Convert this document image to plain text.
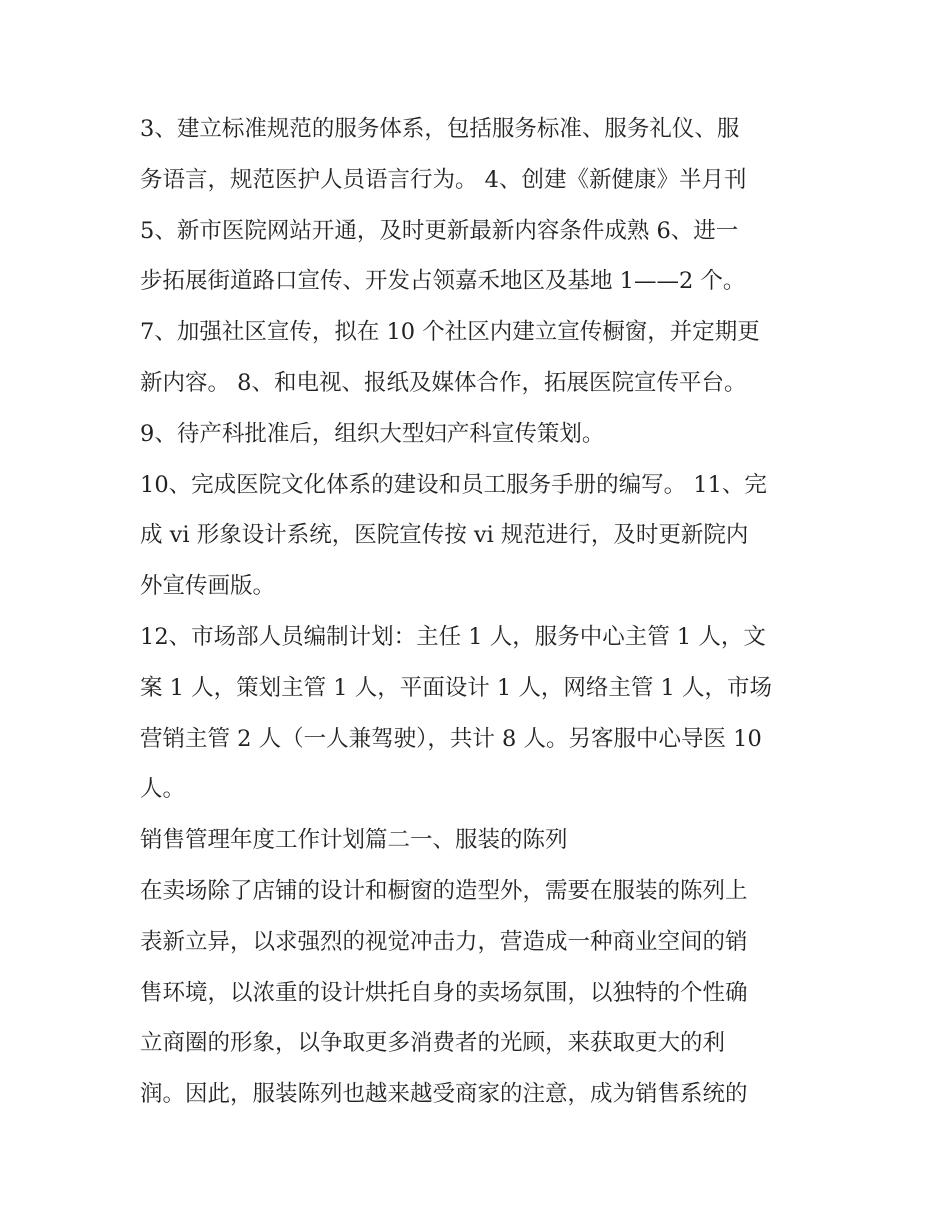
3、建立标准规范的服务体系，包括服务标准、服务礼仪、服
务语言，规范医护人员语言行为。 4、创建《新健康》半月刊
5、新市医院网站开通，及时更新最新内容条件成熟 6、进一
步拓展街道路口宣传、开发占领嘉禾地区及基地 1——2 个。
7、加强社区宣传，拟在 10 个社区内建立宣传橱窗，并定期更
新内容。 8、和电视、报纸及媒体合作，拓展医院宣传平台。
9、待产科批准后，组织大型妇产科宣传策划。
10、完成医院文化体系的建设和员工服务手册的编写。 11、完
成 vi 形象设计系统，医院宣传按 vi 规范进行，及时更新院内
外宣传画版。
12、市场部人员编制计划：主任 1 人，服务中心主管 1 人，文
案 1 人，策划主管 1 人，平面设计 1 人，网络主管 1 人，市场
营销主管 2 人（一人兼驾驶），共计 8 人。另客服中心导医 10
人。
销售管理年度工作计划篇二一、服装的陈列
在卖场除了店铺的设计和橱窗的造型外，需要在服装的陈列上
表新立异，以求强烈的视觉冲击力，营造成一种商业空间的销
售环境，以浓重的设计烘托自身的卖场氛围，以独特的个性确
立商圈的形象，以争取更多消费者的光顾，来获取更大的利
润。因此，服装陈列也越来越受商家的注意，成为销售系统的
